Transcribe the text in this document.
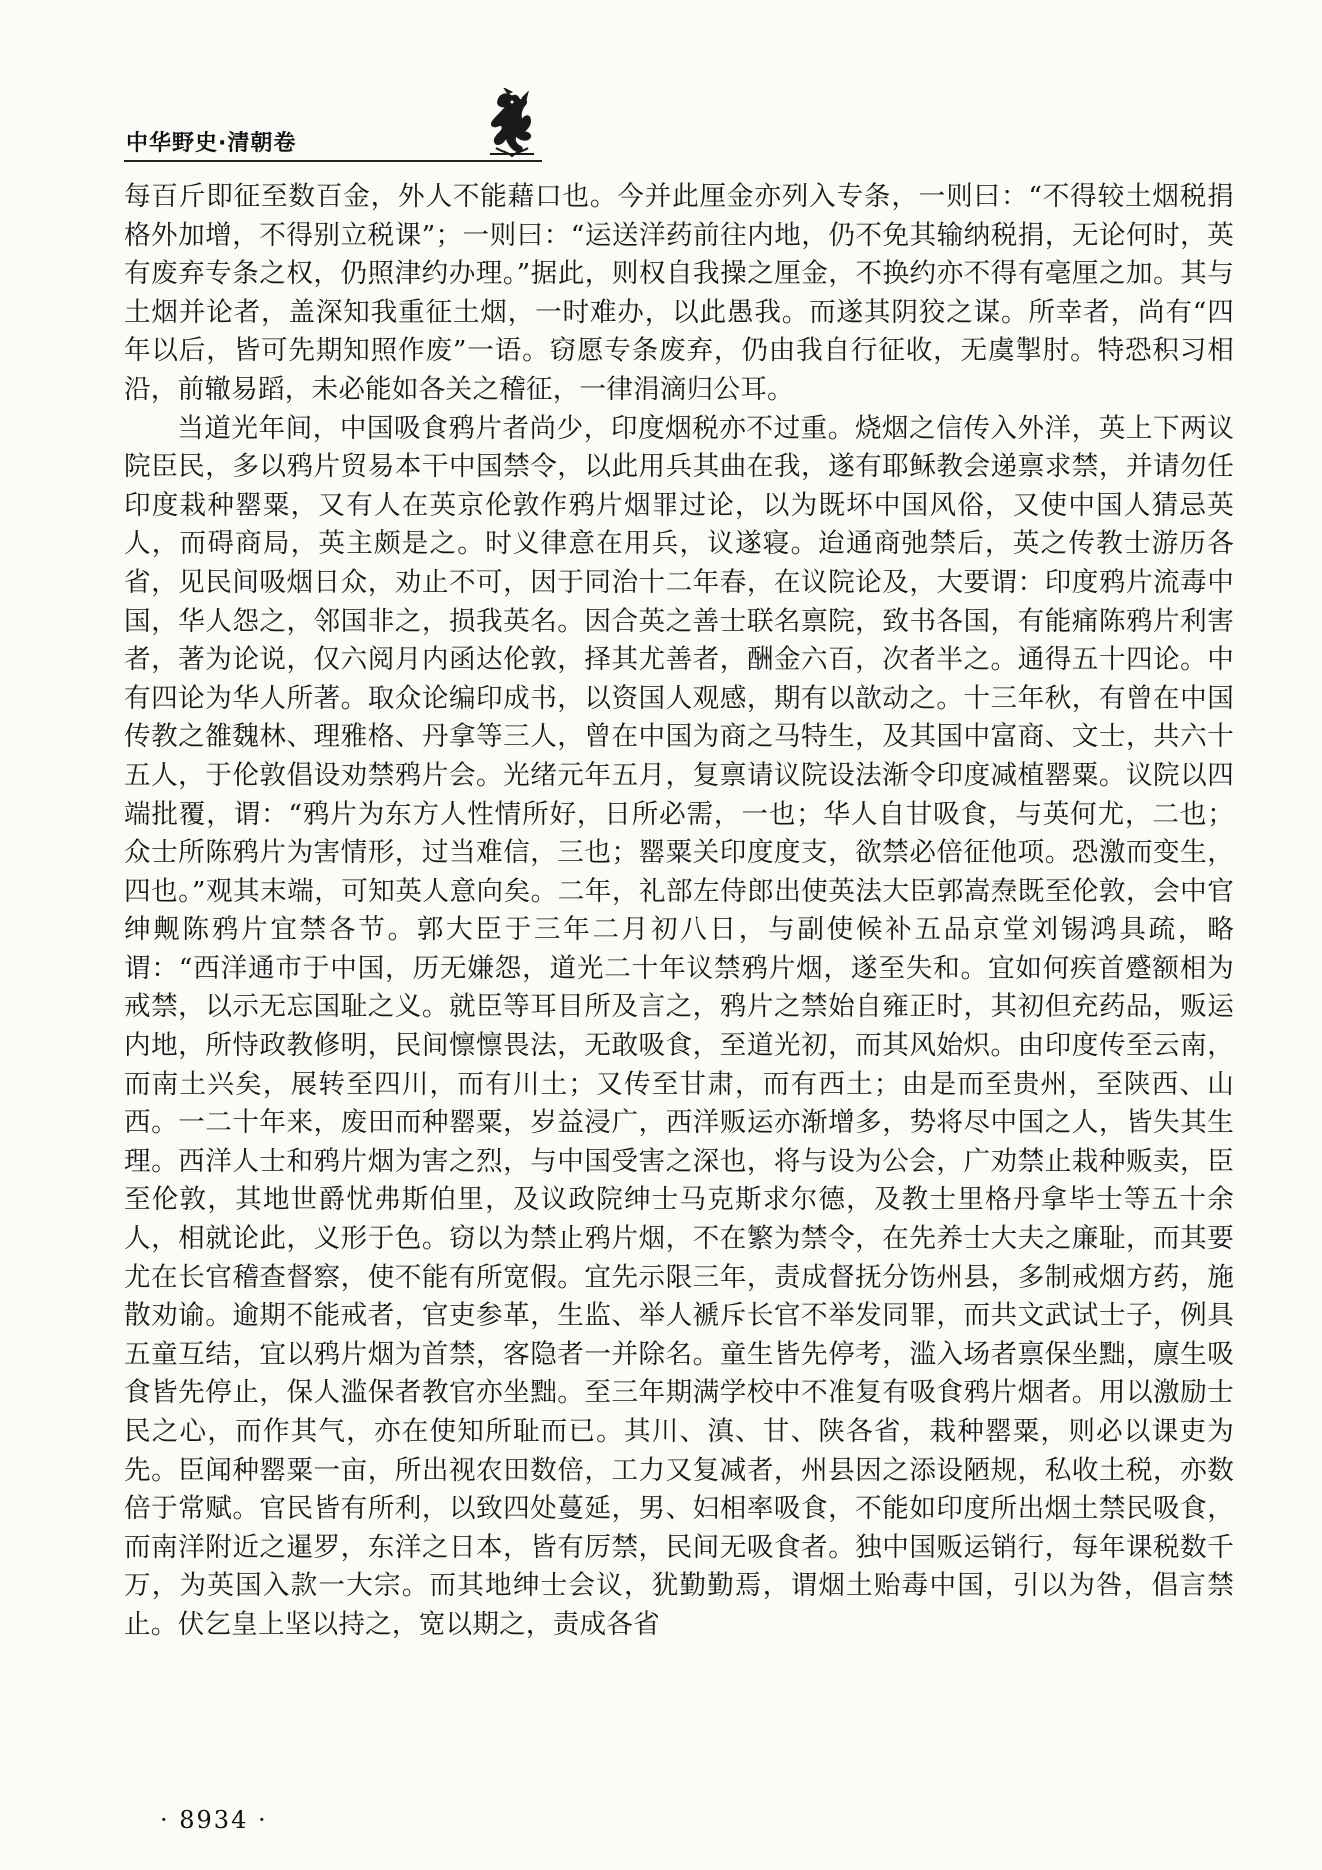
中华野史·清朝卷

每百斤即征至数百金，外人不能藉口也。今并此厘金亦列入专条，一则曰：“不得较土烟税捐格外加增，不得别立税课”；一则曰：“运送洋药前往内地，仍不免其输纳税捐，无论何时，英有废弃专条之权，仍照津约办理。”据此，则权自我操之厘金，不换约亦不得有毫厘之加。其与土烟并论者，盖深知我重征土烟，一时难办，以此愚我。而遂其阴狡之谋。所幸者，尚有“四年以后，皆可先期知照作废”一语。窃愿专条废弃，仍由我自行征收，无虞掣肘。特恐积习相沿，前辙易蹈，未必能如各关之稽征，一律涓滴归公耳。

当道光年间，中国吸食鸦片者尚少，印度烟税亦不过重。烧烟之信传入外洋，英上下两议院臣民，多以鸦片贸易本干中国禁令，以此用兵其曲在我，遂有耶稣教会递禀求禁，并请勿任印度栽种罂粟，又有人在英京伦敦作鸦片烟罪过论，以为既坏中国风俗，又使中国人猜忌英人，而碍商局，英主颇是之。时义律意在用兵，议遂寝。迨通商弛禁后，英之传教士游历各省，见民间吸烟日众，劝止不可，因于同治十二年春，在议院论及，大要谓：印度鸦片流毒中国，华人怨之，邻国非之，损我英名。因合英之善士联名禀院，致书各国，有能痛陈鸦片利害者，著为论说，仅六阅月内函达伦敦，择其尤善者，酬金六百，次者半之。通得五十四论。中有四论为华人所著。取众论编印成书，以资国人观感，期有以歆动之。十三年秋，有曾在中国传教之雒魏林、理雅格、丹拿等三人，曾在中国为商之马特生，及其国中富商、文士，共六十五人，于伦敦倡设劝禁鸦片会。光绪元年五月，复禀请议院设法渐令印度减植罂粟。议院以四端批覆，谓：“鸦片为东方人性情所好，日所必需，一也；华人自甘吸食，与英何尤，二也；众士所陈鸦片为害情形，过当难信，三也；罂粟关印度度支，欲禁必倍征他项。恐激而变生，四也。”观其末端，可知英人意向矣。二年，礼部左侍郎出使英法大臣郭嵩焘既至伦敦，会中官绅觍陈鸦片宜禁各节。郭大臣于三年二月初八日，与副使候补五品京堂刘锡鸿具疏，略谓：“西洋通市于中国，历无嫌怨，道光二十年议禁鸦片烟，遂至失和。宜如何疾首蹙额相为戒禁，以示无忘国耻之义。就臣等耳目所及言之，鸦片之禁始自雍正时，其初但充药品，贩运内地，所恃政教修明，民间懔懔畏法，无敢吸食，至道光初，而其风始炽。由印度传至云南，而南土兴矣，展转至四川，而有川土；又传至甘肃，而有西土；由是而至贵州，至陕西、山西。一二十年来，废田而种罂粟，岁益浸广，西洋贩运亦渐增多，势将尽中国之人，皆失其生理。西洋人士和鸦片烟为害之烈，与中国受害之深也，将与设为公会，广劝禁止栽种贩卖，臣至伦敦，其地世爵忧弗斯伯里，及议政院绅士马克斯求尔德，及教士里格丹拿毕士等五十余人，相就论此，义形于色。窃以为禁止鸦片烟，不在繁为禁令，在先养士大夫之廉耻，而其要尤在长官稽查督察，使不能有所宽假。宜先示限三年，责成督抚分饬州县，多制戒烟方药，施散劝谕。逾期不能戒者，官吏参革，生监、举人褫斥长官不举发同罪，而共文武试士子，例具五童互结，宜以鸦片烟为首禁，客隐者一并除名。童生皆先停考，滥入场者禀保坐黜，廪生吸食皆先停止，保人滥保者教官亦坐黜。至三年期满学校中不准复有吸食鸦片烟者。用以激励士民之心，而作其气，亦在使知所耻而已。其川、滇、甘、陕各省，栽种罂粟，则必以课吏为先。臣闻种罂粟一亩，所出视农田数倍，工力又复减者，州县因之添设陋规，私收土税，亦数倍于常赋。官民皆有所利，以致四处蔓延，男、妇相率吸食，不能如印度所出烟土禁民吸食，而南洋附近之暹罗，东洋之日本，皆有厉禁，民间无吸食者。独中国贩运销行，每年课税数千万，为英国入款一大宗。而其地绅士会议，犹勤勤焉，谓烟土贻毒中国，引以为咎，倡言禁止。伏乞皇上坚以持之，宽以期之，责成各省

· 8934 ·
